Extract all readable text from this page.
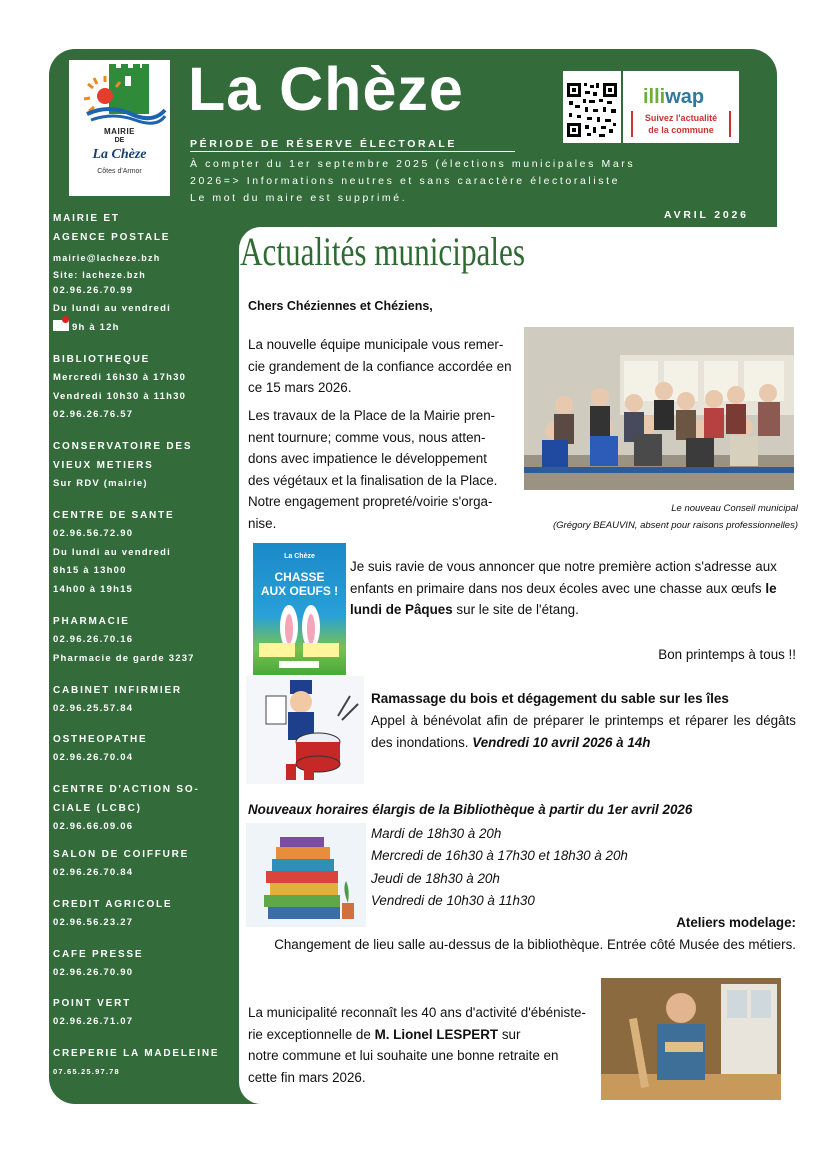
MAIRIE
DE
La Chèze
Côtes d'Armor
La Chèze	illiwap
Suivez l'actualité
de la commune
PÉRIODE DE RÉSERVE ÉLECTORALE
À compter du 1er septembre 2025 (élections municipales Mars
2026=> Informations neutres et sans caractère électoraliste
Le mot du maire est supprimé.
AVRIL 2026
MAIRIE ET
AGENCE POSTALE
mairie@lacheze.bzh
Site: lacheze.bzh
02.96.26.70.99
Du lundi au vendredi
9h à 12h
BIBLIOTHEQUE
Mercredi 16h30 à 17h30
Vendredi 10h30 à 11h30
02.96.26.76.57
CONSERVATOIRE DES
VIEUX METIERS
Sur RDV (mairie)
CENTRE DE SANTE
02.96.56.72.90
Du lundi au vendredi
8h15 à 13h00
14h00 à 19h15
PHARMACIE
02.96.26.70.16
Pharmacie de garde 3237
CABINET INFIRMIER
02.96.25.57.84
OSTHEOPATHE
02.96.26.70.04
CENTRE D'ACTION SO-
CIALE (LCBC)
02.96.66.09.06
SALON DE COIFFURE
02.96.26.70.84
CREDIT AGRICOLE
02.96.56.23.27
CAFE PRESSE
02.96.26.70.90
POINT VERT
02.96.26.71.07
CREPERIE LA MADELEINE
07.65.25.97.78
Actualités municipales
Chers Chéziennes et Chéziens,
La nouvelle équipe municipale vous remer-
cie grandement de la confiance accordée en
ce 15 mars 2026.
Les travaux de la Place de la Mairie pren-
nent tournure; comme vous, nous atten-
dons avec impatience le développement
des végétaux et la finalisation de la Place.
Notre engagement propreté/voirie s'orga-
nise.
Le nouveau Conseil municipal
(Grégory BEAUVIN, absent pour raisons professionnelles)
La Chèze
CHASSE
AUX OEUFS !
Je suis ravie de vous annoncer que notre première action s'adresse aux enfants en primaire dans nos deux écoles avec une chasse aux œufs le lundi de Pâques sur le site de l'étang.
Bon printemps à tous !!
Ramassage du bois et dégagement du sable sur les îles
Appel à bénévolat afin de préparer le printemps et réparer les dégâts des inondations. Vendredi 10 avril 2026 à 14h
Nouveaux horaires élargis de la Bibliothèque à partir du 1er avril 2026
Mardi de 18h30 à 20h
Mercredi de 16h30 à 17h30 et 18h30 à 20h
Jeudi de 18h30 à 20h
Vendredi de 10h30 à 11h30
Ateliers modelage:
Changement de lieu salle au-dessus de la bibliothèque. Entrée côté Musée des métiers.
La municipalité reconnaît les 40 ans d'activité d'ébéniste-
rie exceptionnelle de M. Lionel LESPERT sur
notre commune et lui souhaite une bonne retraite en
cette fin mars 2026.
